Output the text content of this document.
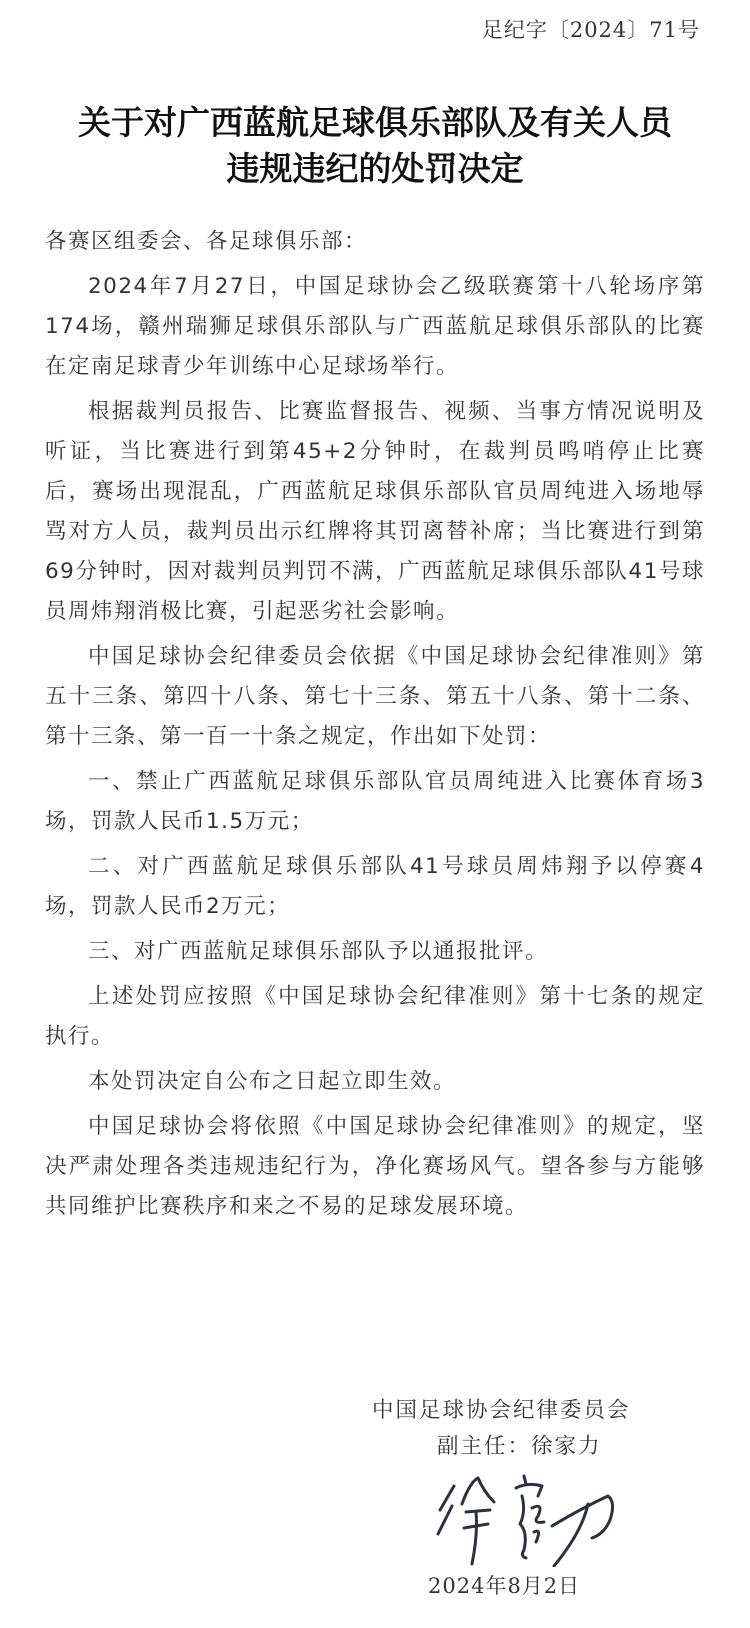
足纪字〔2024〕71号
关于对广西蓝航足球俱乐部队及有关人员
违规违纪的处罚决定

各赛区组委会、各足球俱乐部：

2024年7月27日，中国足球协会乙级联赛第十八轮场序第174场，赣州瑞狮足球俱乐部队与广西蓝航足球俱乐部队的比赛在定南足球青少年训练中心足球场举行。

根据裁判员报告、比赛监督报告、视频、当事方情况说明及听证，当比赛进行到第45+2分钟时，在裁判员鸣哨停止比赛后，赛场出现混乱，广西蓝航足球俱乐部队官员周纯进入场地辱骂对方人员，裁判员出示红牌将其罚离替补席；当比赛进行到第69分钟时，因对裁判员判罚不满，广西蓝航足球俱乐部队41号球员周炜翔消极比赛，引起恶劣社会影响。

中国足球协会纪律委员会依据《中国足球协会纪律准则》第五十三条、第四十八条、第七十三条、第五十八条、第十二条、第十三条、第一百一十条之规定，作出如下处罚：

一、禁止广西蓝航足球俱乐部队官员周纯进入比赛体育场3场，罚款人民币1.5万元；

二、对广西蓝航足球俱乐部队41号球员周炜翔予以停赛4场，罚款人民币2万元；

三、对广西蓝航足球俱乐部队予以通报批评。

上述处罚应按照《中国足球协会纪律准则》第十七条的规定执行。

本处罚决定自公布之日起立即生效。

中国足球协会将依照《中国足球协会纪律准则》的规定，坚决严肃处理各类违规违纪行为，净化赛场风气。望各参与方能够共同维护比赛秩序和来之不易的足球发展环境。

中国足球协会纪律委员会
副主任：徐家力
2024年8月2日
